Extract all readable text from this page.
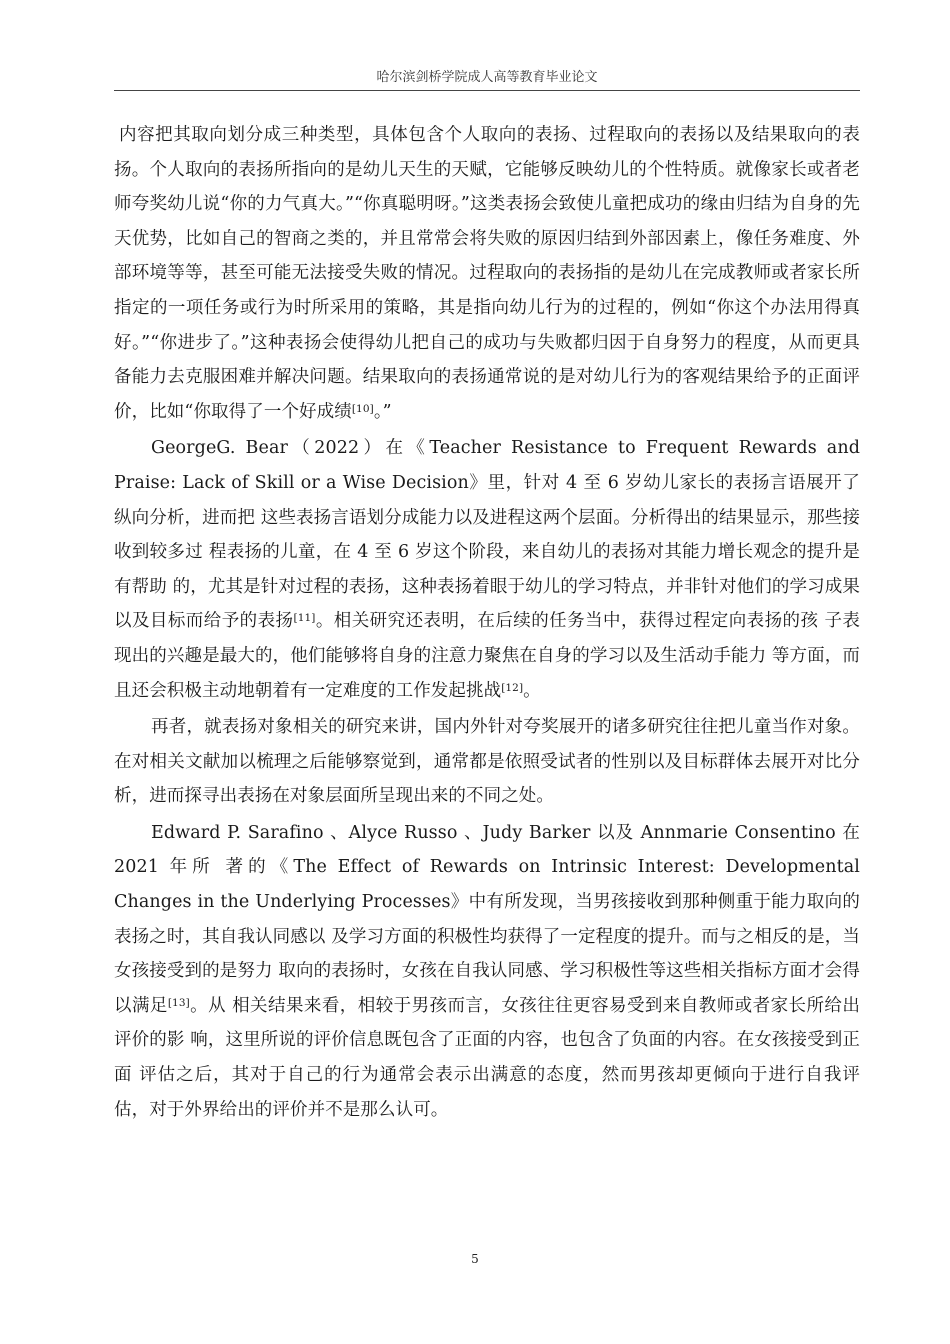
哈尔滨剑桥学院成人高等教育毕业论文

内容把其取向划分成三种类型，具体包含个人取向的表扬、过程取向的表扬以及结果取向的表扬。个人取向的表扬所指向的是幼儿天生的天赋，它能够反映幼儿的个性特质。就像家长或者老师夸奖幼儿说“你的力气真大。”“你真聪明呀。”这类表扬会致使儿童把成功的缘由归结为自身的先天优势，比如自己的智商之类的，并且常常会将失败的原因归结到外部因素上，像任务难度、外部环境等等，甚至可能无法接受失败的情况。过程取向的表扬指的是幼儿在完成教师或者家长所指定的一项任务或行为时所采用的策略，其是指向幼儿行为的过程的，例如“你这个办法用得真好。”“你进步了。”这种表扬会使得幼儿把自己的成功与失败都归因于自身努力的程度，从而更具备能力去克服困难并解决问题。结果取向的表扬通常说的是对幼儿行为的客观结果给予的正面评价，比如“你取得了一个好成绩[10]。”

GeorgeG. Bear（2022）在《Teacher Resistance to Frequent Rewards and Praise: Lack of Skill or a Wise Decision》里，针对 4 至 6 岁幼儿家长的表扬言语展开了纵向分析，进而把 这些表扬言语划分成能力以及进程这两个层面。分析得出的结果显示，那些接收到较多过 程表扬的儿童，在 4 至 6 岁这个阶段，来自幼儿的表扬对其能力增长观念的提升是有帮助 的，尤其是针对过程的表扬，这种表扬着眼于幼儿的学习特点，并非针对他们的学习成果 以及目标而给予的表扬[11]。相关研究还表明，在后续的任务当中，获得过程定向表扬的孩 子表现出的兴趣是最大的，他们能够将自身的注意力聚焦在自身的学习以及生活动手能力 等方面，而且还会积极主动地朝着有一定难度的工作发起挑战[12]。

再者，就表扬对象相关的研究来讲，国内外针对夸奖展开的诸多研究往往把儿童当作对象。在对相关文献加以梳理之后能够察觉到，通常都是依照受试者的性别以及目标群体去展开对比分析，进而探寻出表扬在对象层面所呈现出来的不同之处。

Edward P. Sarafino 、Alyce Russo 、Judy Barker 以及 Annmarie Consentino 在 2021 年所 著的《The Effect of Rewards on Intrinsic Interest: Developmental Changes in the Underlying Processes》中有所发现，当男孩接收到那种侧重于能力取向的表扬之时，其自我认同感以 及学习方面的积极性均获得了一定程度的提升。而与之相反的是，当女孩接受到的是努力 取向的表扬时，女孩在自我认同感、学习积极性等这些相关指标方面才会得以满足[13]。从 相关结果来看，相较于男孩而言，女孩往往更容易受到来自教师或者家长所给出评价的影 响，这里所说的评价信息既包含了正面的内容，也包含了负面的内容。在女孩接受到正面 评估之后，其对于自己的行为通常会表示出满意的态度，然而男孩却更倾向于进行自我评 估，对于外界给出的评价并不是那么认可。

5
